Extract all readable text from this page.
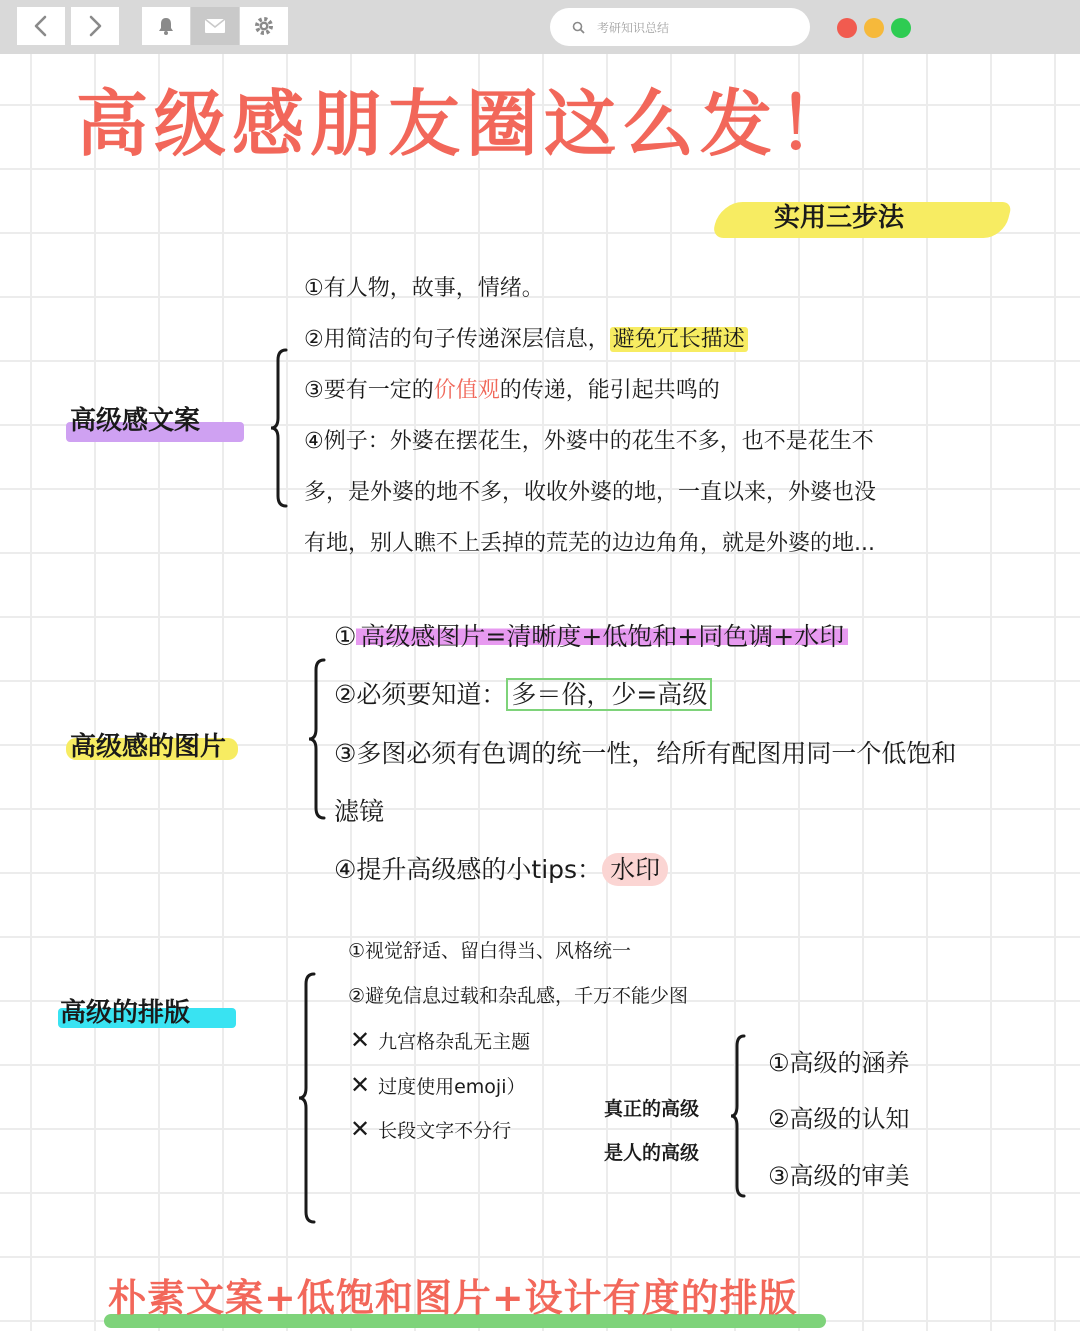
考研知识总结
高级感朋友圈这么发！
实用三步法
高级感文案
①有人物，故事，情绪。
②用简洁的句子传递深层信息， 避免冗长描述
③要有一定的价值观的传递，能引起共鸣的
④例子：外婆在摆花生，外婆中的花生不多，也不是花生不
多，是外婆的地不多，收收外婆的地，一直以来，外婆也没
有地，别人瞧不上丢掉的荒芜的边边角角，就是外婆的地...
高级感的图片
① 高级感图片=清晰度+低饱和+同色调+水印
②必须要知道： 多＝俗，少=高级
③多图必须有色调的统一性，给所有配图用同一个低饱和
滤镜
④提升高级感的小tips： 水印
高级的排版
①视觉舒适、留白得当、风格统一
②避免信息过载和杂乱感，千万不能少图
✕ 九宫格杂乱无主题
✕ 过度使用emoji）
✕ 长段文字不分行
真正的高级
是人的高级
①高级的涵养
②高级的认知
③高级的审美
朴素文案+低饱和图片+设计有度的排版
